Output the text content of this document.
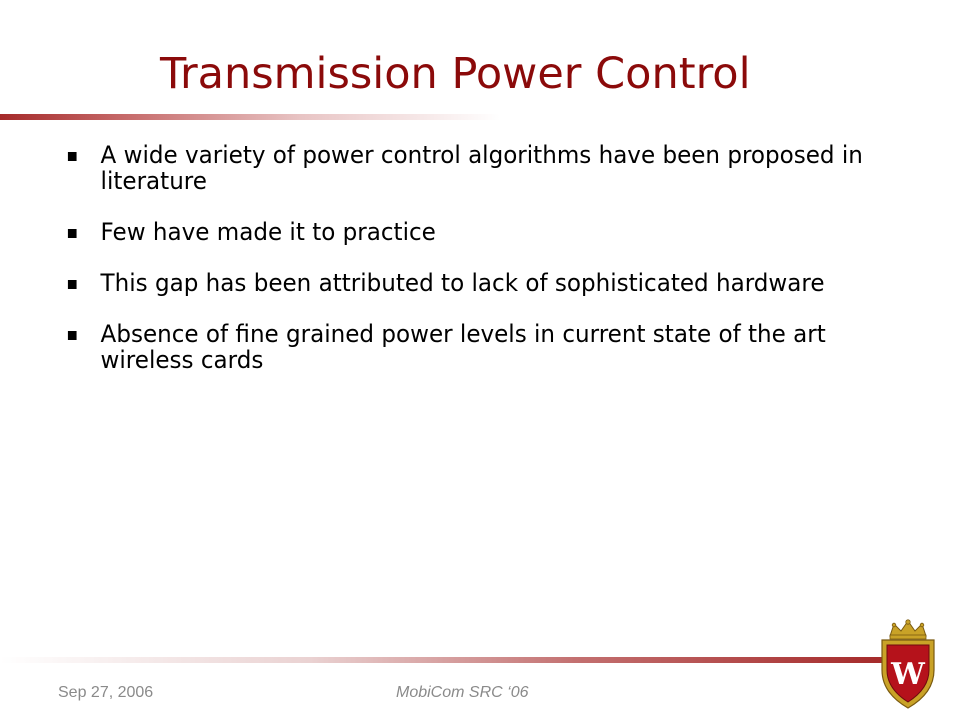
Transmission Power Control
A wide variety of power control algorithms have been proposed in literature
Few have made it to practice
This gap has been attributed to lack of sophisticated hardware
Absence of fine grained power levels in current state of the art wireless cards
Sep 27, 2006	MobiCom SRC ‘06
W
